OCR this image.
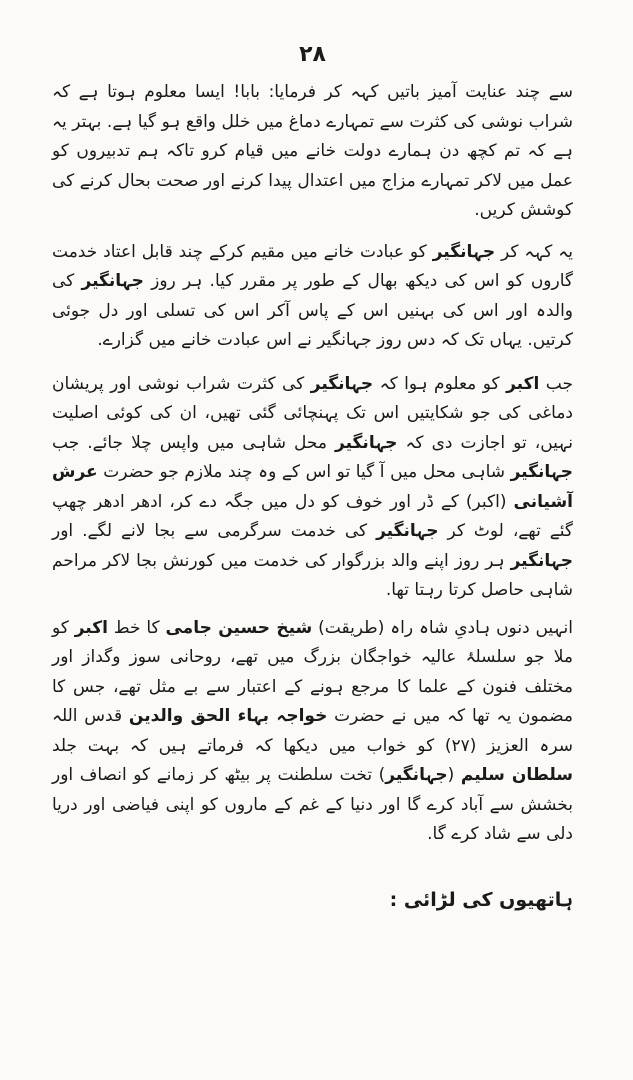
۲۸

سے چند عنایت آمیز باتیں کہہ کر فرمایا: بابا! ایسا معلوم ہوتا ہے کہ شراب نوشی کی کثرت سے تمہارے دماغ میں خلل واقع ہو گیا ہے. بہتر یہ ہے کہ تم کچھ دن ہمارے دولت خانے میں قیام کرو تاکہ ہم تدبیروں کو عمل میں لاکر تمہارے مزاج میں اعتدال پیدا کرنے اور صحت بحال کرنے کی کوشش کریں.

یہ کہہ کر جہانگیر کو عبادت خانے میں مقیم کرکے چند قابل اعتاد خدمت گاروں کو اس کی دیکھ بھال کے طور پر مقرر کیا. ہر روز جہانگیر کی والدہ اور اس کی بہنیں اس کے پاس آکر اس کی تسلی اور دل جوئی کرتیں. یہاں تک کہ دس روز جہانگیر نے اس عبادت خانے میں گزارے.

جب اکبر کو معلوم ہوا کہ جہانگیر کی کثرت شراب نوشی اور پریشان دماغی کی جو شکایتیں اس تک پہنچائی گئی تھیں، ان کی کوئی اصلیت نہیں، تو اجازت دی کہ جہانگیر محل شاہی میں واپس چلا جائے. جب جہانگیر شاہی محل میں آ گیا تو اس کے وہ چند ملازم جو حضرت عرش آشیانی (اکبر) کے ڈر اور خوف کو دل میں جگہ دے کر، ادھر ادھر چھپ گئے تھے، لوٹ کر جہانگیر کی خدمت سرگرمی سے بجا لانے لگے. اور جہانگیر ہر روز اپنے والد بزرگوار کی خدمت میں کورنش بجا لاکر مراحم شاہی حاصل کرتا رہتا تھا.

انہیں دنوں ہادیِ شاہ راہ (طریقت) شیخ حسین جامی کا خط اکبر کو ملا جو سلسلۂ عالیہ خواجگان بزرگ میں تھے، روحانی سوز وگداز اور مختلف فنون کے علما کا مرجع ہونے کے اعتبار سے بے مثل تھے، جس کا مضمون یہ تھا کہ میں نے حضرت خواجہ بہاء الحق والدین قدس اللہ سرہ العزیز (۲۷) کو خواب میں دیکھا کہ فرماتے ہیں کہ بہت جلد سلطان سلیم (جہانگیر) تخت سلطنت پر بیٹھ کر زمانے کو انصاف اور بخشش سے آباد کرے گا اور دنیا کے غم کے ماروں کو اپنی فیاضی اور دریا دلی سے شاد کرے گا.

ہاتھیوں کی لڑائی :
